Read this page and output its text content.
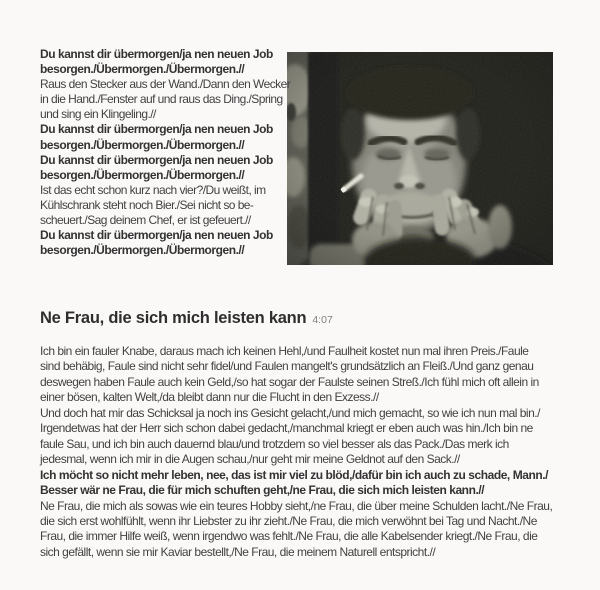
Du kannst dir übermorgen/ja nen neuen Job
besorgen./Übermorgen./Übermorgen.//
Raus den Stecker aus der Wand./Dann den Wecker
in die Hand./Fenster auf und raus das Ding./Spring
und sing ein Klingeling.//
Du kannst dir übermorgen/ja nen neuen Job
besorgen./Übermorgen./Übermorgen.//
Du kannst dir übermorgen/ja nen neuen Job
besorgen./Übermorgen./Übermorgen.//
Ist das echt schon kurz nach vier?/Du weißt, im
Kühlschrank steht noch Bier./Sei nicht so be-
scheuert./Sag deinem Chef, er ist gefeuert.//
Du kannst dir übermorgen/ja nen neuen Job
besorgen./Übermorgen./Übermorgen.//
Ne Frau, die sich mich leisten kann 4:07
Ich bin ein fauler Knabe, daraus mach ich keinen Hehl,/und Faulheit kostet nun mal ihren Preis./Faule
sind behäbig, Faule sind nicht sehr fidel/und Faulen mangelt's grundsätzlich an Fleiß./Und ganz genau
deswegen haben Faule auch kein Geld,/so hat sogar der Faulste seinen Streß./Ich fühl mich oft allein in
einer bösen, kalten Welt,/da bleibt dann nur die Flucht in den Exzess.//
Und doch hat mir das Schicksal ja noch ins Gesicht gelacht,/und mich gemacht, so wie ich nun mal bin./
Irgendetwas hat der Herr sich schon dabei gedacht,/manchmal kriegt er eben auch was hin./Ich bin ne
faule Sau, und ich bin auch dauernd blau/und trotzdem so viel besser als das Pack./Das merk ich
jedesmal, wenn ich mir in die Augen schau,/nur geht mir meine Geldnot auf den Sack.//
Ich möcht so nicht mehr leben, nee, das ist mir viel zu blöd,/dafür bin ich auch zu schade, Mann./
Besser wär ne Frau, die für mich schuften geht,/ne Frau, die sich mich leisten kann.//
Ne Frau, die mich als sowas wie ein teures Hobby sieht,/ne Frau, die über meine Schulden lacht./Ne Frau,
die sich erst wohlfühlt, wenn ihr Liebster zu ihr zieht./Ne Frau, die mich verwöhnt bei Tag und Nacht./Ne
Frau, die immer Hilfe weiß, wenn irgendwo was fehlt./Ne Frau, die alle Kabelsender kriegt./Ne Frau, die
sich gefällt, wenn sie mir Kaviar bestellt,/Ne Frau, die meinem Naturell entspricht.//
